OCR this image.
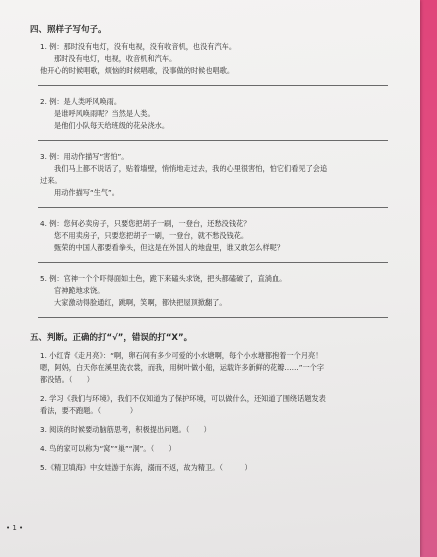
四、照样子写句子。
1. 例：那时没有电灯，没有电视，没有收音机，也没有汽车。
那时没有电灯，电视，收音机和汽车。
他开心的时候唱歌，烦恼的时候唱歌，没事做的时候也唱歌。
2. 例：是人类呼风唤雨。
是谁呼风唤雨呢？当然是人类。
是他们小队每天给班级的花朵浇水。
3. 例：用动作描写“害怕”。
我们马上都不说话了，贴着墙壁，悄悄地走过去，我的心里很害怕，怕它们看见了会追
过来。
用动作描写“生气”。
4. 例：您何必卖房子，只要您把胡子一刷，一登台，还愁没钱花？
您不用卖房子，只要您把胡子一刷，一登台，就不愁没钱花。
甄荣的中国人都要看拳头，但这是在外国人的地盘里，谁又敢怎么样呢？
5. 例：官神一个个吓得面如土色，跪下来磕头求饶，把头都磕破了，直淌血。
官神跪地求饶。
大家激动得脸通红，跳啊，笑啊，都快把屋顶掀翻了。
五、判断。正确的打“√”，错误的打“X”。
1. 小红背《走月亮》：“啊，卵石间有多少可爱的小水塘啊，每个小水塘都抱着一个月亮！
嗯，阿妈，白天你在溪里洗衣裳，而我，用树叶做小船，运载许多新鲜的花瓣……”一个字
都没错。（　　）
2. 学习《我们与环境》，我们不仅知道为了保护环境，可以做什么，还知道了围绕话题发表
看法，要不跑题。（　　　　）
3. 阅读的时候要动脑筋思考，积极提出问题。（　　）
4. 鸟的家可以称为“窝”“巢”“洞”。（　　）
5.《精卫填海》中女娃游于东海，溺而不返，故为精卫。（　　　）
• 1 •
